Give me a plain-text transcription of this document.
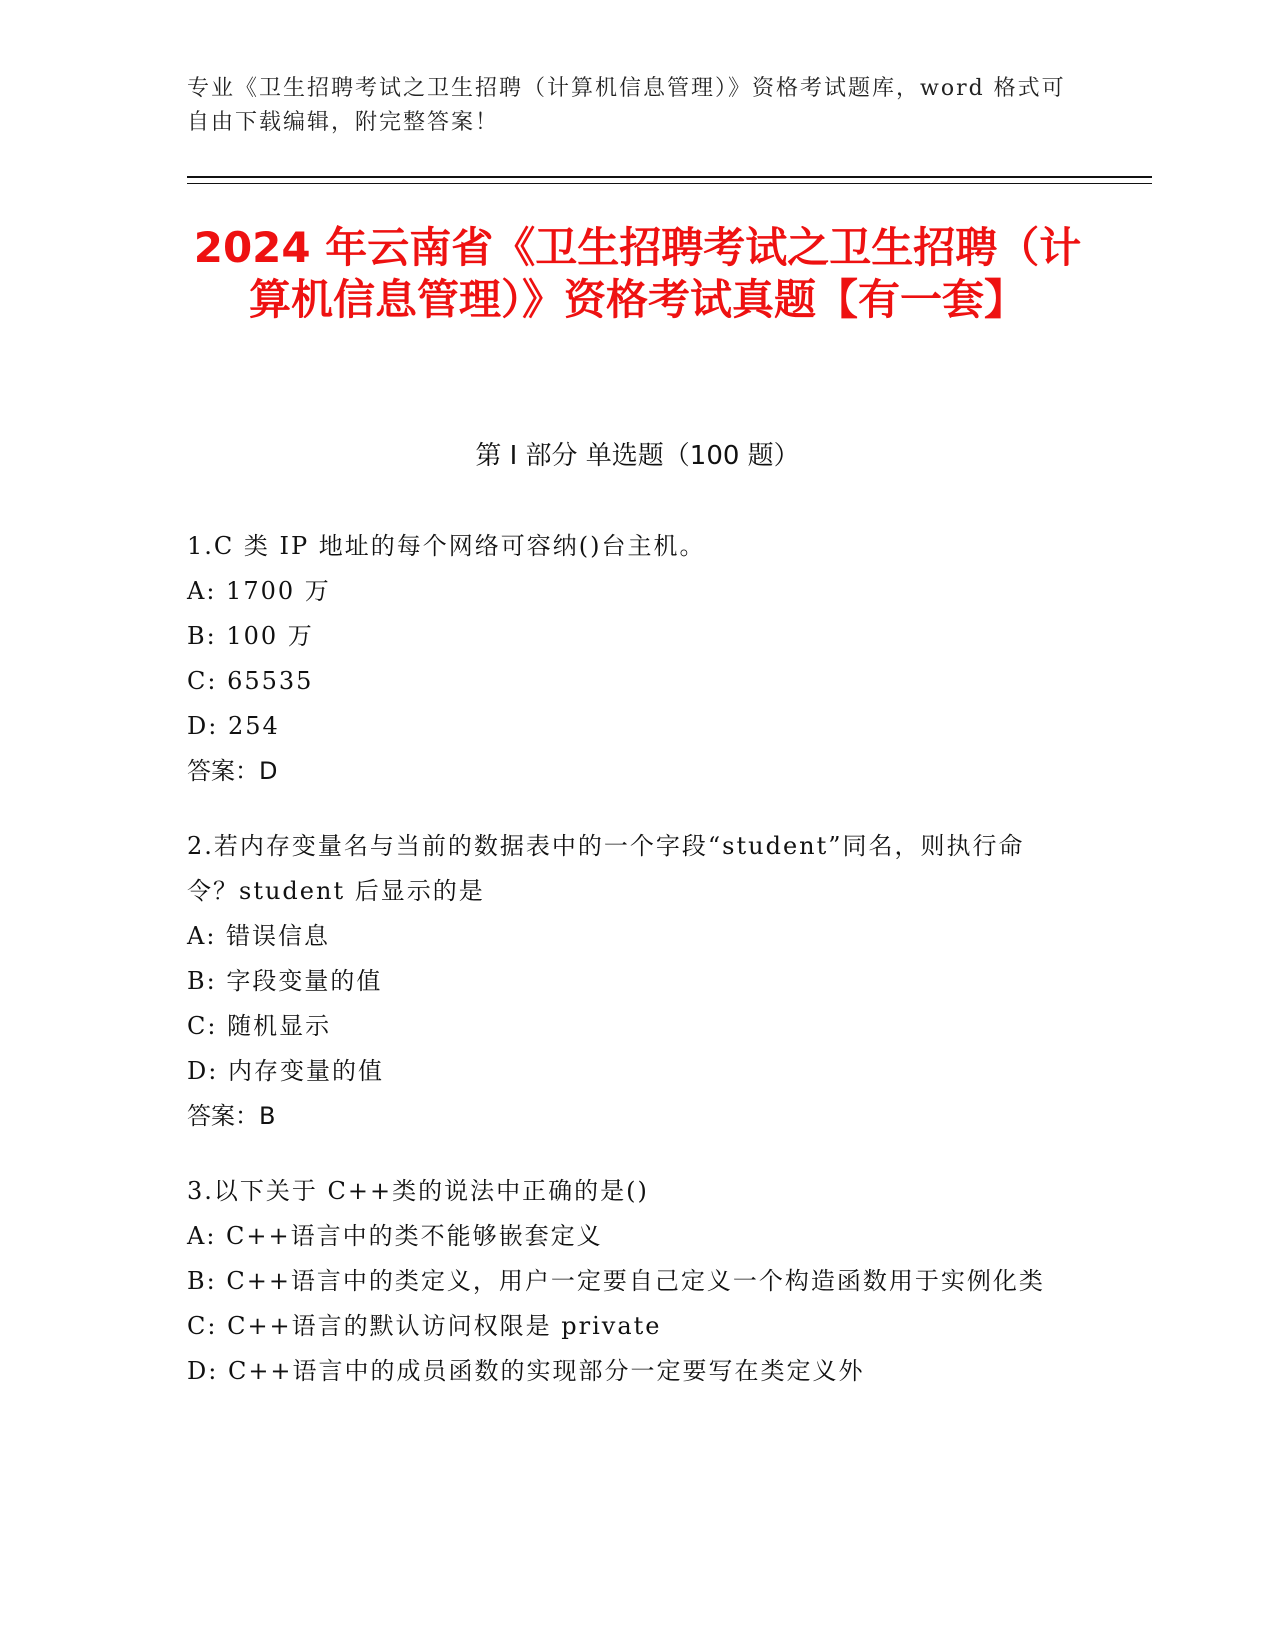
专业《卫生招聘考试之卫生招聘（计算机信息管理）》资格考试题库，word 格式可自由下载编辑，附完整答案！
2024 年云南省《卫生招聘考试之卫生招聘（计算机信息管理）》资格考试真题【有一套】
第 I 部分 单选题（100 题）
1.C 类 IP 地址的每个网络可容纳()台主机。
A: 1700 万
B: 100 万
C: 65535
D: 254
答案：D
2.若内存变量名与当前的数据表中的一个字段“student”同名，则执行命令？student 后显示的是
A: 错误信息
B: 字段变量的值
C: 随机显示
D: 内存变量的值
答案：B
3.以下关于 C++类的说法中正确的是()
A: C++语言中的类不能够嵌套定义
B: C++语言中的类定义，用户一定要自己定义一个构造函数用于实例化类
C: C++语言的默认访问权限是 private
D: C++语言中的成员函数的实现部分一定要写在类定义外
